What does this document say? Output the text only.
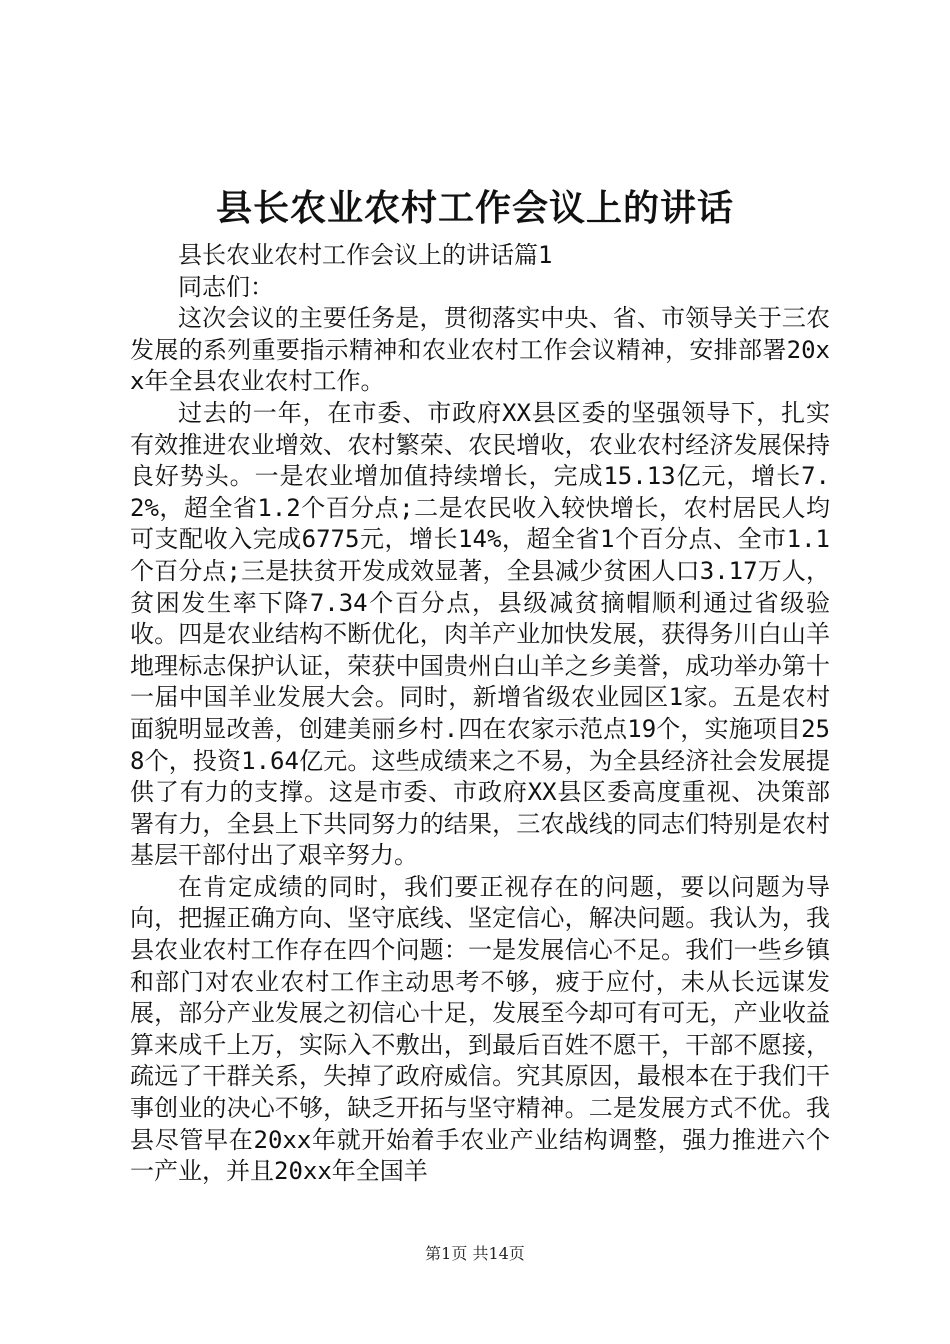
县长农业农村工作会议上的讲话

县长农业农村工作会议上的讲话篇1

同志们：

这次会议的主要任务是，贯彻落实中央、省、市领导关于三农发展的系列重要指示精神和农业农村工作会议精神，安排部署20xx年全县农业农村工作。

过去的一年，在市委、市政府XX县区委的坚强领导下，扎实有效推进农业增效、农村繁荣、农民增收，农业农村经济发展保持良好势头。一是农业增加值持续增长，完成15.13亿元，增长7.2%，超全省1.2个百分点;二是农民收入较快增长，农村居民人均可支配收入完成6775元，增长14%，超全省1个百分点、全市1.1个百分点;三是扶贫开发成效显著，全县减少贫困人口3.17万人，贫困发生率下降7.34个百分点，县级减贫摘帽顺利通过省级验收。四是农业结构不断优化，肉羊产业加快发展，获得务川白山羊地理标志保护认证，荣获中国贵州白山羊之乡美誉，成功举办第十一届中国羊业发展大会。同时，新增省级农业园区1家。五是农村面貌明显改善，创建美丽乡村.四在农家示范点19个，实施项目258个，投资1.64亿元。这些成绩来之不易，为全县经济社会发展提供了有力的支撑。这是市委、市政府XX县区委高度重视、决策部署有力，全县上下共同努力的结果，三农战线的同志们特别是农村基层干部付出了艰辛努力。

在肯定成绩的同时，我们要正视存在的问题，要以问题为导向，把握正确方向、坚守底线、坚定信心，解决问题。我认为，我县农业农村工作存在四个问题：一是发展信心不足。我们一些乡镇和部门对农业农村工作主动思考不够，疲于应付，未从长远谋发展，部分产业发展之初信心十足，发展至今却可有可无，产业收益算来成千上万，实际入不敷出，到最后百姓不愿干，干部不愿接，疏远了干群关系，失掉了政府威信。究其原因，最根本在于我们干事创业的决心不够，缺乏开拓与坚守精神。二是发展方式不优。我县尽管早在20xx年就开始着手农业产业结构调整，强力推进六个一产业，并且20xx年全国羊

第1页 共14页
